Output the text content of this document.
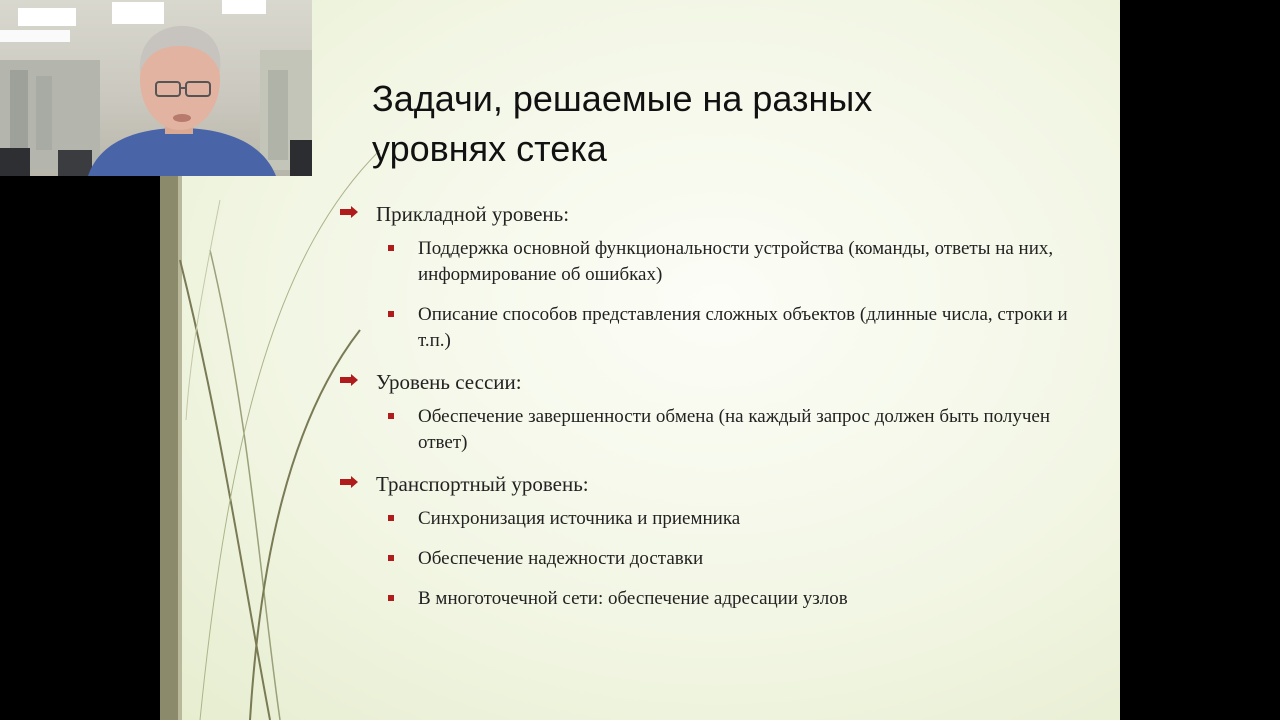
Задачи, решаемые на разных уровнях стека
Прикладной уровень:
Поддержка основной функциональности устройства (команды, ответы на них, информирование об ошибках)
Описание способов представления сложных объектов (длинные числа, строки и т.п.)
Уровень сессии:
Обеспечение завершенности обмена (на каждый запрос должен быть получен ответ)
Транспортный уровень:
Синхронизация источника и приемника
Обеспечение надежности доставки
В многоточечной сети: обеспечение адресации узлов
